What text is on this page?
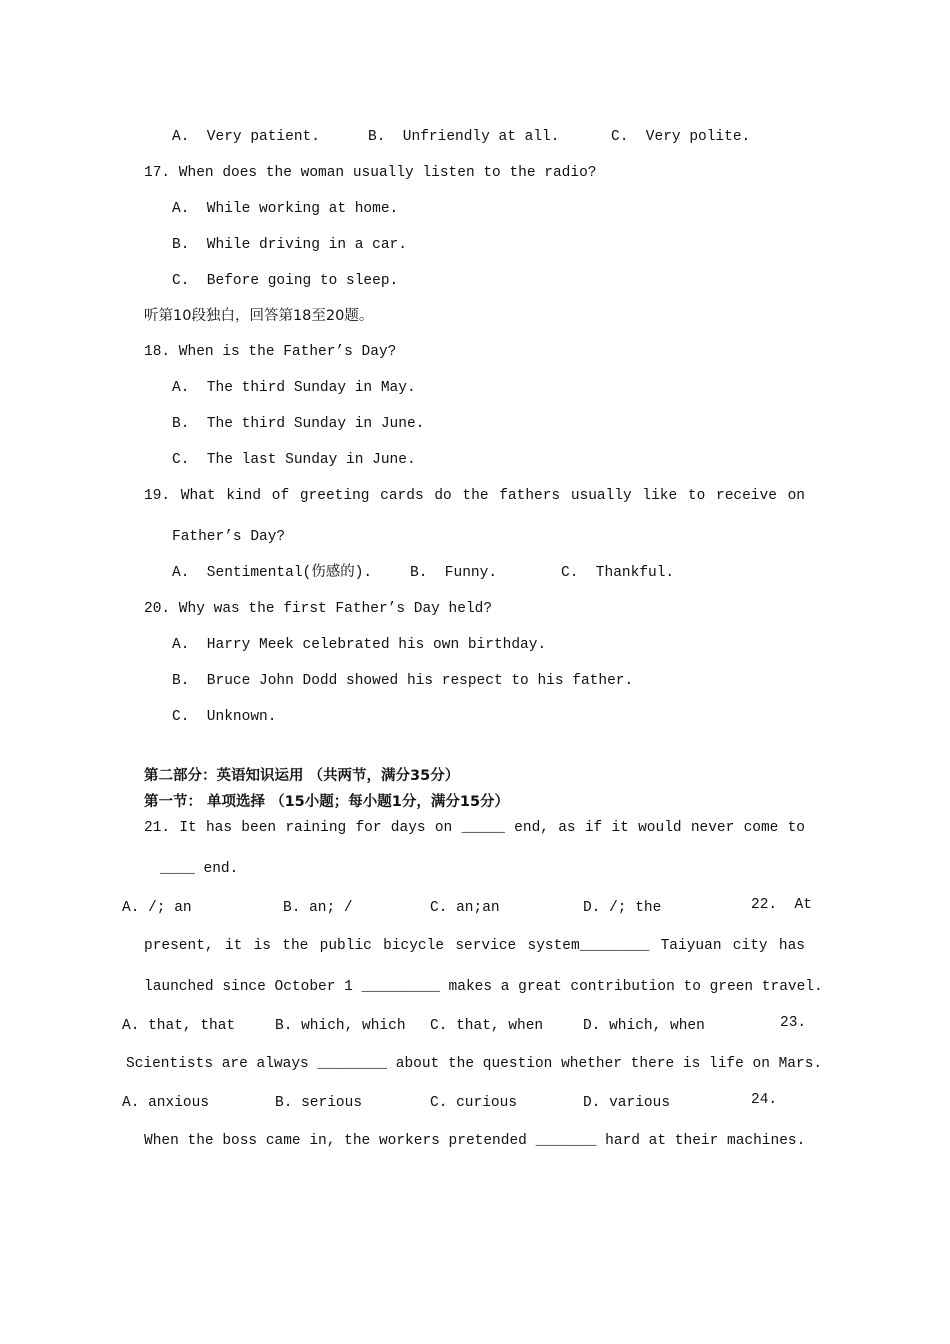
A.  Very patient.	B.  Unfriendly at all.	C.  Very polite.
17. When does the woman usually listen to the radio?
A.  While working at home.
B.  While driving in a car.
C.  Before going to sleep.
听第10段独白，回答第18至20题。
18. When is the Father’s Day?
A.  The third Sunday in May.
B.  The third Sunday in June.
C.  The last Sunday in June.
19. What kind of greeting cards do the fathers usually like to receive on
Father’s Day?
A.  Sentimental(伤感的).	B.  Funny.	C.  Thankful.
20. Why was the first Father’s Day held?
A.  Harry Meek celebrated his own birthday.
B.  Bruce John Dodd showed his respect to his father.
C.  Unknown.
第二部分：英语知识运用 （共两节，满分35分）
第一节： 单项选择 （15小题；每小题1分，满分15分）
21. It has been raining for days on _____ end, as if it would never come to
____ end.
A. /; an	B. an; /	C. an;an	D. /; the	22.  At
present, it is the public bicycle service system________ Taiyuan city has
launched since October 1 _________ makes a great contribution to green travel.
A. that, that	B. which, which C. that, when	D. which, when	23.
Scientists are always ________ about the question whether there is life on Mars.
A. anxious	B. serious	C. curious	D. various	24.
When the boss came in, the workers pretended _______ hard at their machines.
